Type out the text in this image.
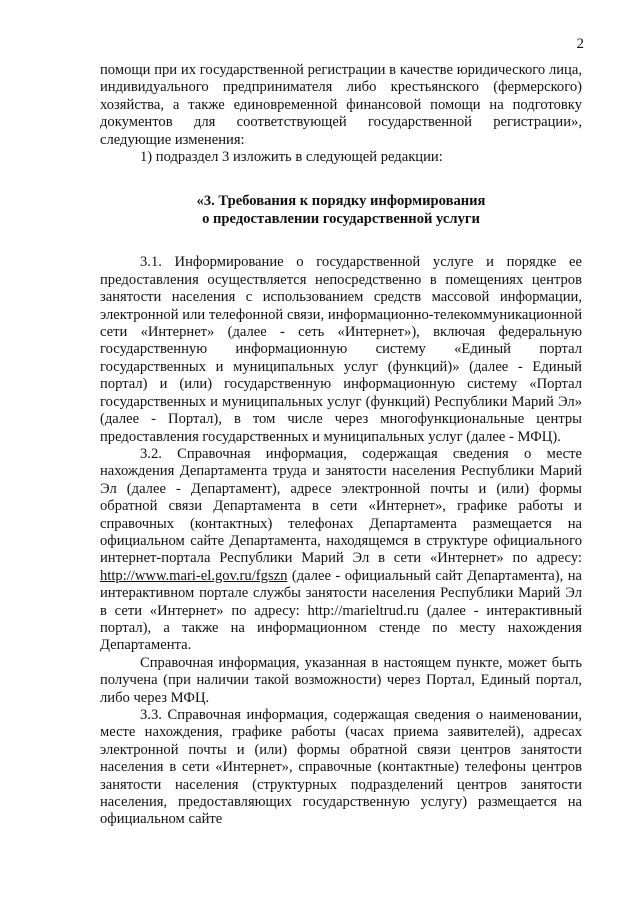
2

помощи при их государственной регистрации в качестве юридического лица, индивидуального предпринимателя либо крестьянского (фермерского) хозяйства, а также единовременной финансовой помощи на подготовку документов для соответствующей государственной регистрации», следующие изменения:

1) подраздел 3 изложить в следующей редакции:

«3. Требования к порядку информирования
о предоставлении государственной услуги

3.1. Информирование о государственной услуге и порядке ее предоставления осуществляется непосредственно в помещениях центров занятости населения с использованием средств массовой информации, электронной или телефонной связи, информационно-телекоммуникационной сети «Интернет» (далее - сеть «Интернет»), включая федеральную государственную информационную систему «Единый портал государственных и муниципальных услуг (функций)» (далее - Единый портал) и (или) государственную информационную систему «Портал государственных и муниципальных услуг (функций) Республики Марий Эл» (далее - Портал), в том числе через многофункциональные центры предоставления государственных и муниципальных услуг (далее - МФЦ).

3.2. Справочная информация, содержащая сведения о месте нахождения Департамента труда и занятости населения Республики Марий Эл (далее - Департамент), адресе электронной почты и (или) формы обратной связи Департамента в сети «Интернет», графике работы и справочных (контактных) телефонах Департамента размещается на официальном сайте Департамента, находящемся в структуре официального интернет-портала Республики Марий Эл в сети «Интернет» по адресу: http://www.mari-el.gov.ru/fgszn (далее - официальный сайт Департамента), на интерактивном портале службы занятости населения Республики Марий Эл в сети «Интернет» по адресу: http://marieltrud.ru (далее - интерактивный портал), а также на информационном стенде по месту нахождения Департамента.

Справочная информация, указанная в настоящем пункте, может быть получена (при наличии такой возможности) через Портал, Единый портал, либо через МФЦ.

3.3. Справочная информация, содержащая сведения о наименовании, месте нахождения, графике работы (часах приема заявителей), адресах электронной почты и (или) формы обратной связи центров занятости населения в сети «Интернет», справочные (контактные) телефоны центров занятости населения (структурных подразделений центров занятости населения, предоставляющих государственную услугу) размещается на официальном сайте
